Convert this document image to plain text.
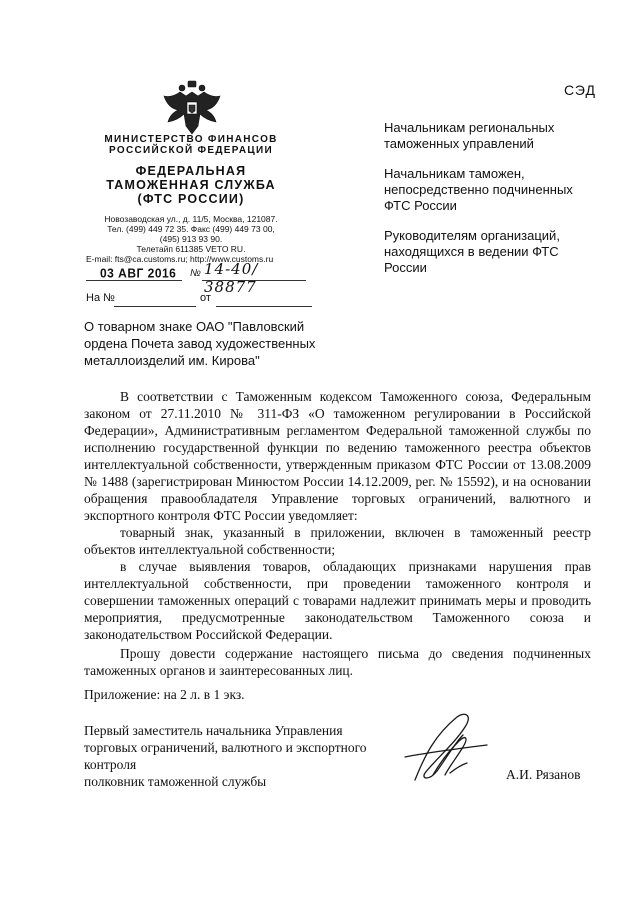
СЭД
МИНИСТЕРСТВО ФИНАНСОВ
РОССИЙСКОЙ ФЕДЕРАЦИИ
ФЕДЕРАЛЬНАЯ
ТАМОЖЕННАЯ СЛУЖБА
(ФТС РОССИИ)
Новозаводская ул., д. 11/5, Москва, 121087.
Тел. (499) 449 72 35. Факс (499) 449 73 00,
(495) 913 93 90.
Телетайп 611385 VETO RU.
E-mail: fts@ca.customs.ru; http://www.customs.ru
03 АВГ 2016 № 14-40/ 38877
На №	от

Начальникам региональных таможенных управлений

Начальникам таможен, непосредственно подчиненных ФТС России

Руководителям организаций, находящихся в ведении ФТС России

О товарном знаке ОАО "Павловский ордена Почета завод художественных металлоизделий им. Кирова"

В соответствии с Таможенным кодексом Таможенного союза, Федеральным законом от 27.11.2010 № 311-ФЗ «О таможенном регулировании в Российской Федерации», Административным регламентом Федеральной таможенной службы по исполнению государственной функции по ведению таможенного реестра объектов интеллектуальной собственности, утвержденным приказом ФТС России от 13.08.2009 № 1488 (зарегистрирован Минюстом России 14.12.2009, рег. № 15592), и на основании обращения правообладателя Управление торговых ограничений, валютного и экспортного контроля ФТС России уведомляет:

товарный знак, указанный в приложении, включен в таможенный реестр объектов интеллектуальной собственности;

в случае выявления товаров, обладающих признаками нарушения прав интеллектуальной собственности, при проведении таможенного контроля и совершении таможенных операций с товарами надлежит принимать меры и проводить мероприятия, предусмотренные законодательством Таможенного союза и законодательством Российской Федерации.

Прошу довести содержание настоящего письма до сведения подчиненных таможенных органов и заинтересованных лиц.

Приложение: на 2 л. в 1 экз.
Первый заместитель начальника Управления
торговых ограничений, валютного и экспортного
контроля
полковник таможенной службы	А.И. Рязанов
